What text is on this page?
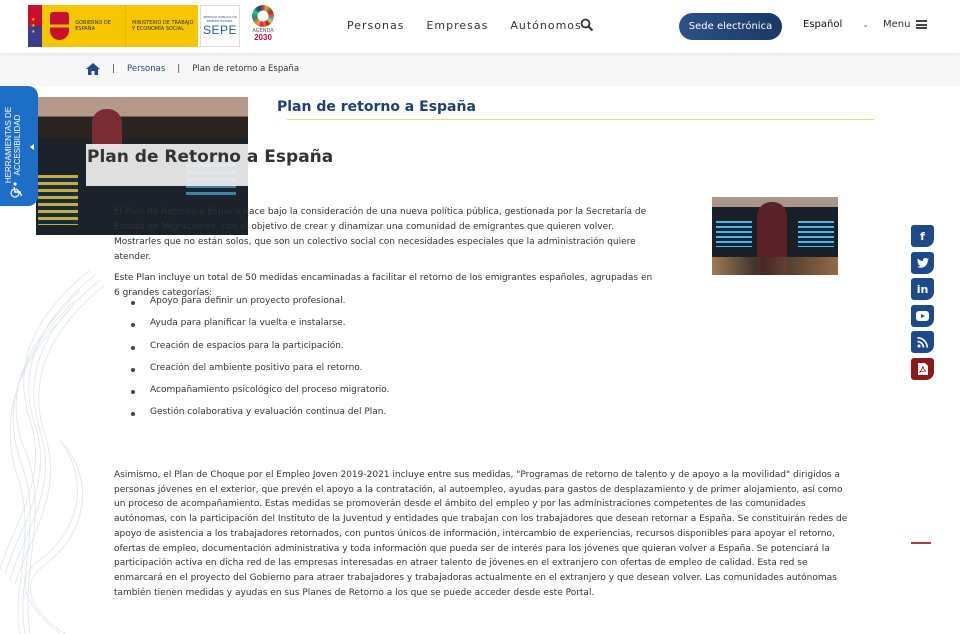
★ ★ ★
GOBIERNO DE ESPAÑA
MINISTERIO DE TRABAJO Y ECONOMÍA SOCIAL
SERVICIO PÚBLICO DE EMPLEO ESTATAL
SEPE	AGENDA
2030
Personas Empresas Autónomos	Sede electrónica	Español	⌄ Menu
| Personas | Plan de retorno a España
Plan de Retorno a España
HERRAMIENTAS DE ACCESIBILIDAD
Plan de retorno a España

El Plan de Retorno a España nace bajo la consideración de una nueva política pública, gestionada por la Secretaría de Estado de Migraciones, con el objetivo de crear y dinamizar una comunidad de emigrantes que quieren volver. Mostrarles que no están solos, que son un colectivo social con necesidades especiales que la administración quiere atender.

Este Plan incluye un total de 50 medidas encaminadas a facilitar el retorno de los emigrantes españoles, agrupadas en 6 grandes categorías:

Apoyo para definir un proyecto profesional.
Ayuda para planificar la vuelta e instalarse.
Creación de espacios para la participación.
Creación del ambiente positivo para el retorno.
Acompañamiento psicológico del proceso migratorio.
Gestión colaborativa y evaluación continua del Plan.

Asimismo, el Plan de Choque por el Empleo Joven 2019-2021 incluye entre sus medidas, "Programas de retorno de talento y de apoyo a la movilidad" dirigidos a personas jóvenes en el exterior, que prevén el apoyo a la contratación, al autoempleo, ayudas para gastos de desplazamiento y de primer alojamiento, así como un proceso de acompañamiento. Estas medidas se promoverán desde el ámbito del empleo y por las administraciones competentes de las comunidades autónomas, con la participación del Instituto de la Juventud y entidades que trabajan con los trabajadores que desean retornar a España. Se constituirán redes de apoyo de asistencia a los trabajadores retornados, con puntos únicos de información, intercambio de experiencias, recursos disponibles para apoyar el retorno, ofertas de empleo, documentación administrativa y toda información que pueda ser de interés para los jóvenes que quieran volver a España. Se potenciará la participación activa en dicha red de las empresas interesadas en atraer talento de jóvenes en el extranjero con ofertas de empleo de calidad. Esta red se enmarcará en el proyecto del Gobierno para atraer trabajadores y trabajadoras actualmente en el extranjero y que desean volver. Las comunidades autónomas también tienen medidas y ayudas en sus Planes de Retorno a los que se puede acceder desde este Portal.

f
in
